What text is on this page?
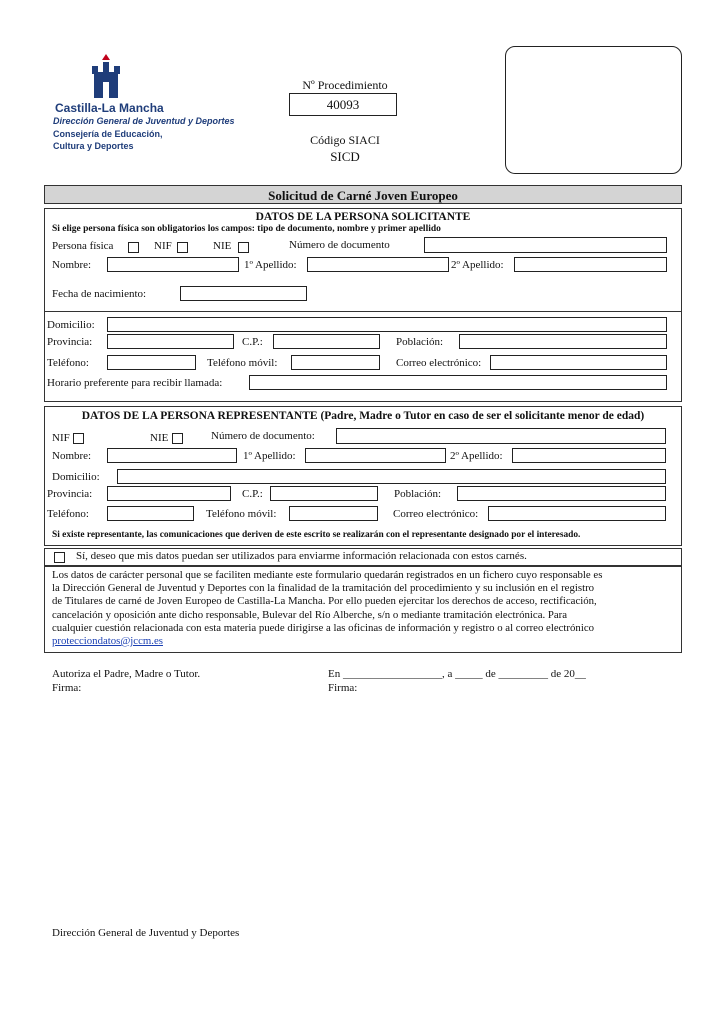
Castilla-La Mancha
Dirección General de Juventud y Deportes
Consejería de Educación,
Cultura y Deportes
Nº Procedimiento
40093
Código SIACI
SICD
Solicitud de Carné Joven Europeo
DATOS DE LA PERSONA SOLICITANTE
Si elige persona física son obligatorios los campos: tipo de documento, nombre y primer apellido
Persona física	NIF	NIE	Número de documento
Nombre:	1º Apellido:	2º Apellido:
Fecha de nacimiento:
Domicilio:
Provincia:	C.P.:	Población:
Teléfono:	Teléfono móvil:	Correo electrónico:
Horario preferente para recibir llamada:
DATOS DE LA PERSONA REPRESENTANTE (Padre, Madre o Tutor en caso de ser el solicitante menor de edad)
NIF	NIE	Número de documento:
Nombre:	1º Apellido:	2º Apellido:
Domicilio:
Provincia:	C.P.:	Población:
Teléfono:	Teléfono móvil:	Correo electrónico:
Si existe representante, las comunicaciones que deriven de este escrito se realizarán con el representante designado por el interesado.
Sí, deseo que mis datos puedan ser utilizados para enviarme información relacionada con estos carnés.
Los datos de carácter personal que se faciliten mediante este formulario quedarán registrados en un fichero cuyo responsable es
la Dirección General de Juventud y Deportes con la finalidad de la tramitación del procedimiento y su inclusión en el registro
de Titulares de carné de Joven Europeo de Castilla-La Mancha. Por ello pueden ejercitar los derechos de acceso, rectificación,
cancelación y oposición ante dicho responsable, Bulevar del Río Alberche, s/n o mediante tramitación electrónica. Para
cualquier cuestión relacionada con esta materia puede dirigirse a las oficinas de información y registro o al correo electrónico
protecciondatos@jccm.es
Autoriza el Padre, Madre o Tutor.
Firma:
En __________________, a _____ de _________ de 20__
Firma:
Dirección General de Juventud y Deportes
